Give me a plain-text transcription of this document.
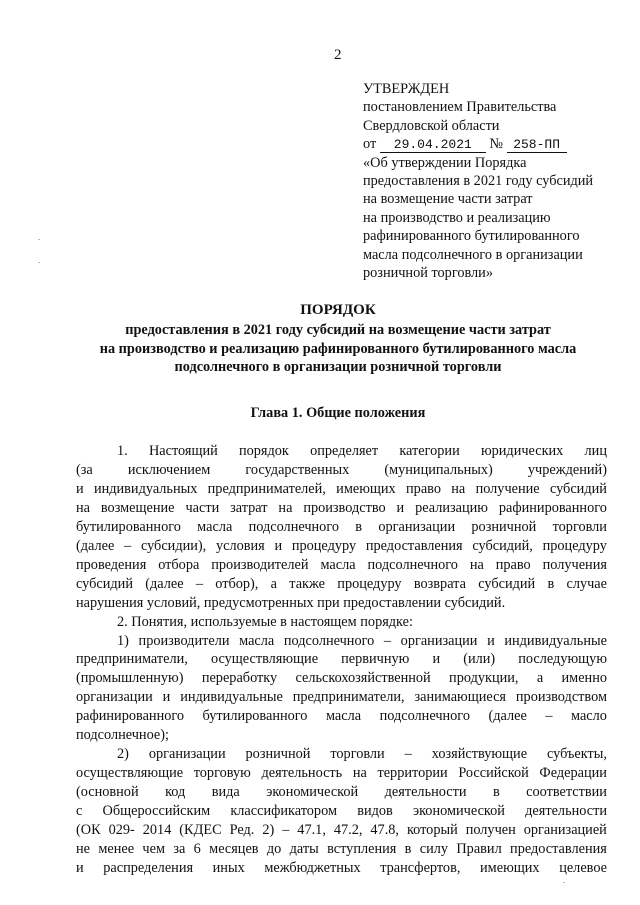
2
УТВЕРЖДЕН
постановлением Правительства
Свердловской области
от 29.04.2021 № 258-ПП
«Об утверждении Порядка
предоставления в 2021 году субсидий
на возмещение части затрат
на производство и реализацию
рафинированного бутилированного
масла подсолнечного в организации
розничной торговли»
ПОРЯДОК
предоставления в 2021 году субсидий на возмещение части затрат
на производство и реализацию рафинированного бутилированного масла
подсолнечного в организации розничной торговли
Глава 1. Общие положения
1. Настоящий порядок определяет категории юридических лиц
(за исключением государственных (муниципальных) учреждений)
и индивидуальных предпринимателей, имеющих право на получение субсидий
на возмещение части затрат на производство и реализацию рафинированного
бутилированного масла подсолнечного в организации розничной торговли
(далее – субсидии), условия и процедуру предоставления субсидий, процедуру
проведения отбора производителей масла подсолнечного на право получения
субсидий (далее – отбор), а также процедуру возврата субсидий в случае
нарушения условий, предусмотренных при предоставлении субсидий.
2. Понятия, используемые в настоящем порядке:
1) производители масла подсолнечного – организации и индивидуальные
предприниматели, осуществляющие первичную и (или) последующую
(промышленную) переработку сельскохозяйственной продукции, а именно
организации и индивидуальные предприниматели, занимающиеся производством
рафинированного бутилированного масла подсолнечного (далее – масло
подсолнечное);
2) организации розничной торговли – хозяйствующие субъекты,
осуществляющие торговую деятельность на территории Российской Федерации
(основной код вида экономической деятельности в соответствии
с Общероссийским классификатором видов экономической деятельности
(ОК 029- 2014 (КДЕС Ред. 2) – 47.1, 47.2, 47.8, который получен организацией
не менее чем за 6 месяцев до даты вступления в силу Правил предоставления
и распределения иных межбюджетных трансфертов, имеющих целевое
